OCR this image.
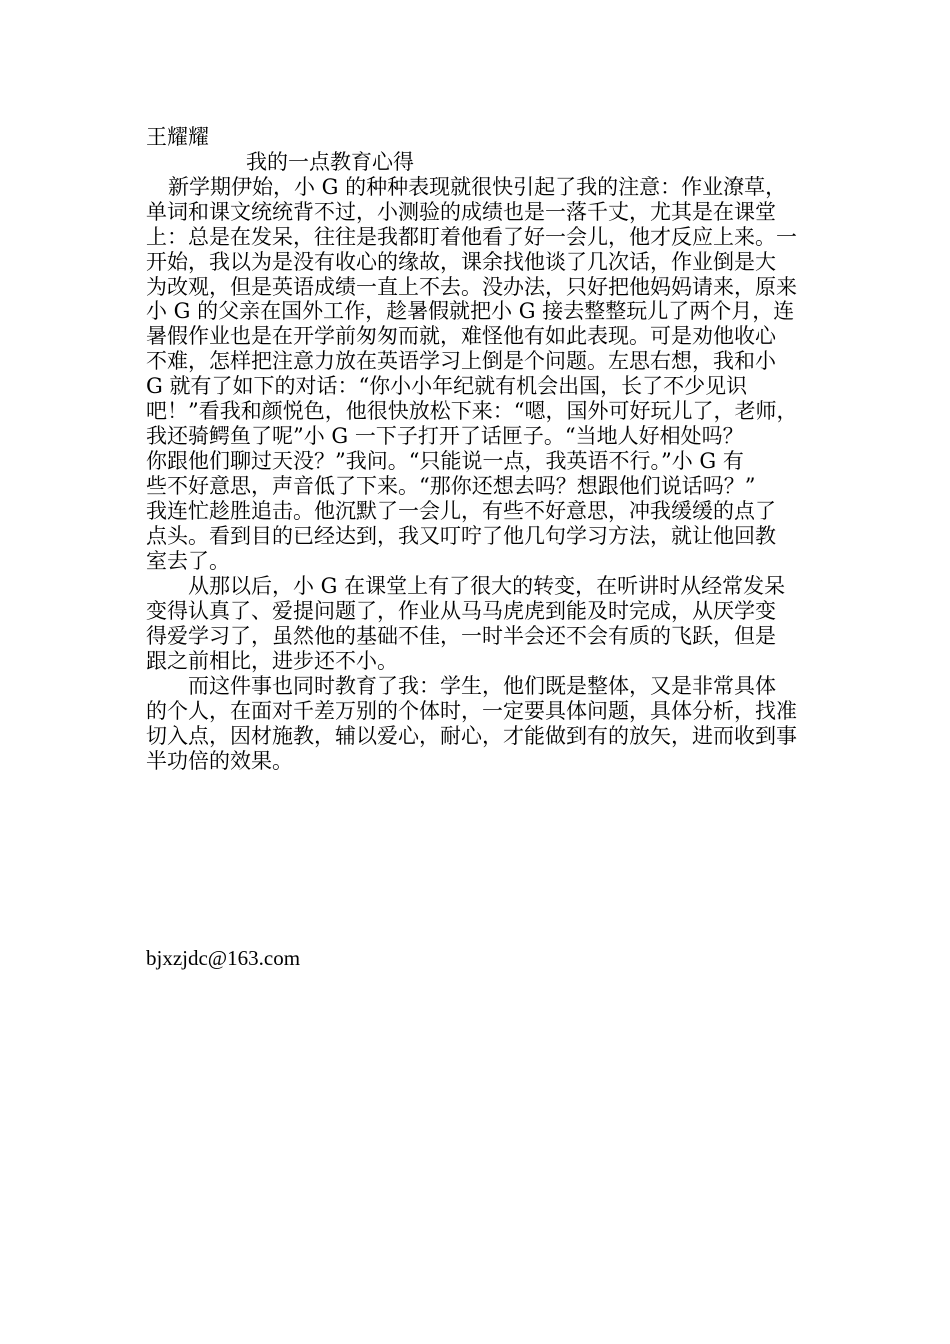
王耀耀
我的一点教育心得
新学期伊始，小 G 的种种表现就很快引起了我的注意：作业潦草，
单词和课文统统背不过，小测验的成绩也是一落千丈，尤其是在课堂
上：总是在发呆，往往是我都盯着他看了好一会儿，他才反应上来。一
开始，我以为是没有收心的缘故，课余找他谈了几次话，作业倒是大
为改观，但是英语成绩一直上不去。没办法，只好把他妈妈请来，原来
小 G 的父亲在国外工作，趁暑假就把小 G 接去整整玩儿了两个月，连
暑假作业也是在开学前匆匆而就，难怪他有如此表现。可是劝他收心
不难，怎样把注意力放在英语学习上倒是个问题。左思右想，我和小
G 就有了如下的对话：“你小小年纪就有机会出国，长了不少见识
吧！”看我和颜悦色，他很快放松下来：“嗯，国外可好玩儿了，老师，
我还骑鳄鱼了呢”小 G 一下子打开了话匣子。“当地人好相处吗？
你跟他们聊过天没？”我问。“只能说一点，我英语不行。”小 G 有
些不好意思，声音低了下来。“那你还想去吗？想跟他们说话吗？”
我连忙趁胜追击。他沉默了一会儿，有些不好意思，冲我缓缓的点了
点头。看到目的已经达到，我又叮咛了他几句学习方法，就让他回教
室去了。
从那以后，小 G 在课堂上有了很大的转变，在听讲时从经常发呆
变得认真了、爱提问题了，作业从马马虎虎到能及时完成，从厌学变
得爱学习了，虽然他的基础不佳，一时半会还不会有质的飞跃，但是
跟之前相比，进步还不小。
而这件事也同时教育了我：学生，他们既是整体，又是非常具体
的个人，在面对千差万别的个体时，一定要具体问题，具体分析，找准
切入点，因材施教，辅以爱心，耐心，才能做到有的放矢，进而收到事
半功倍的效果。
bjxzjdc@163.com
